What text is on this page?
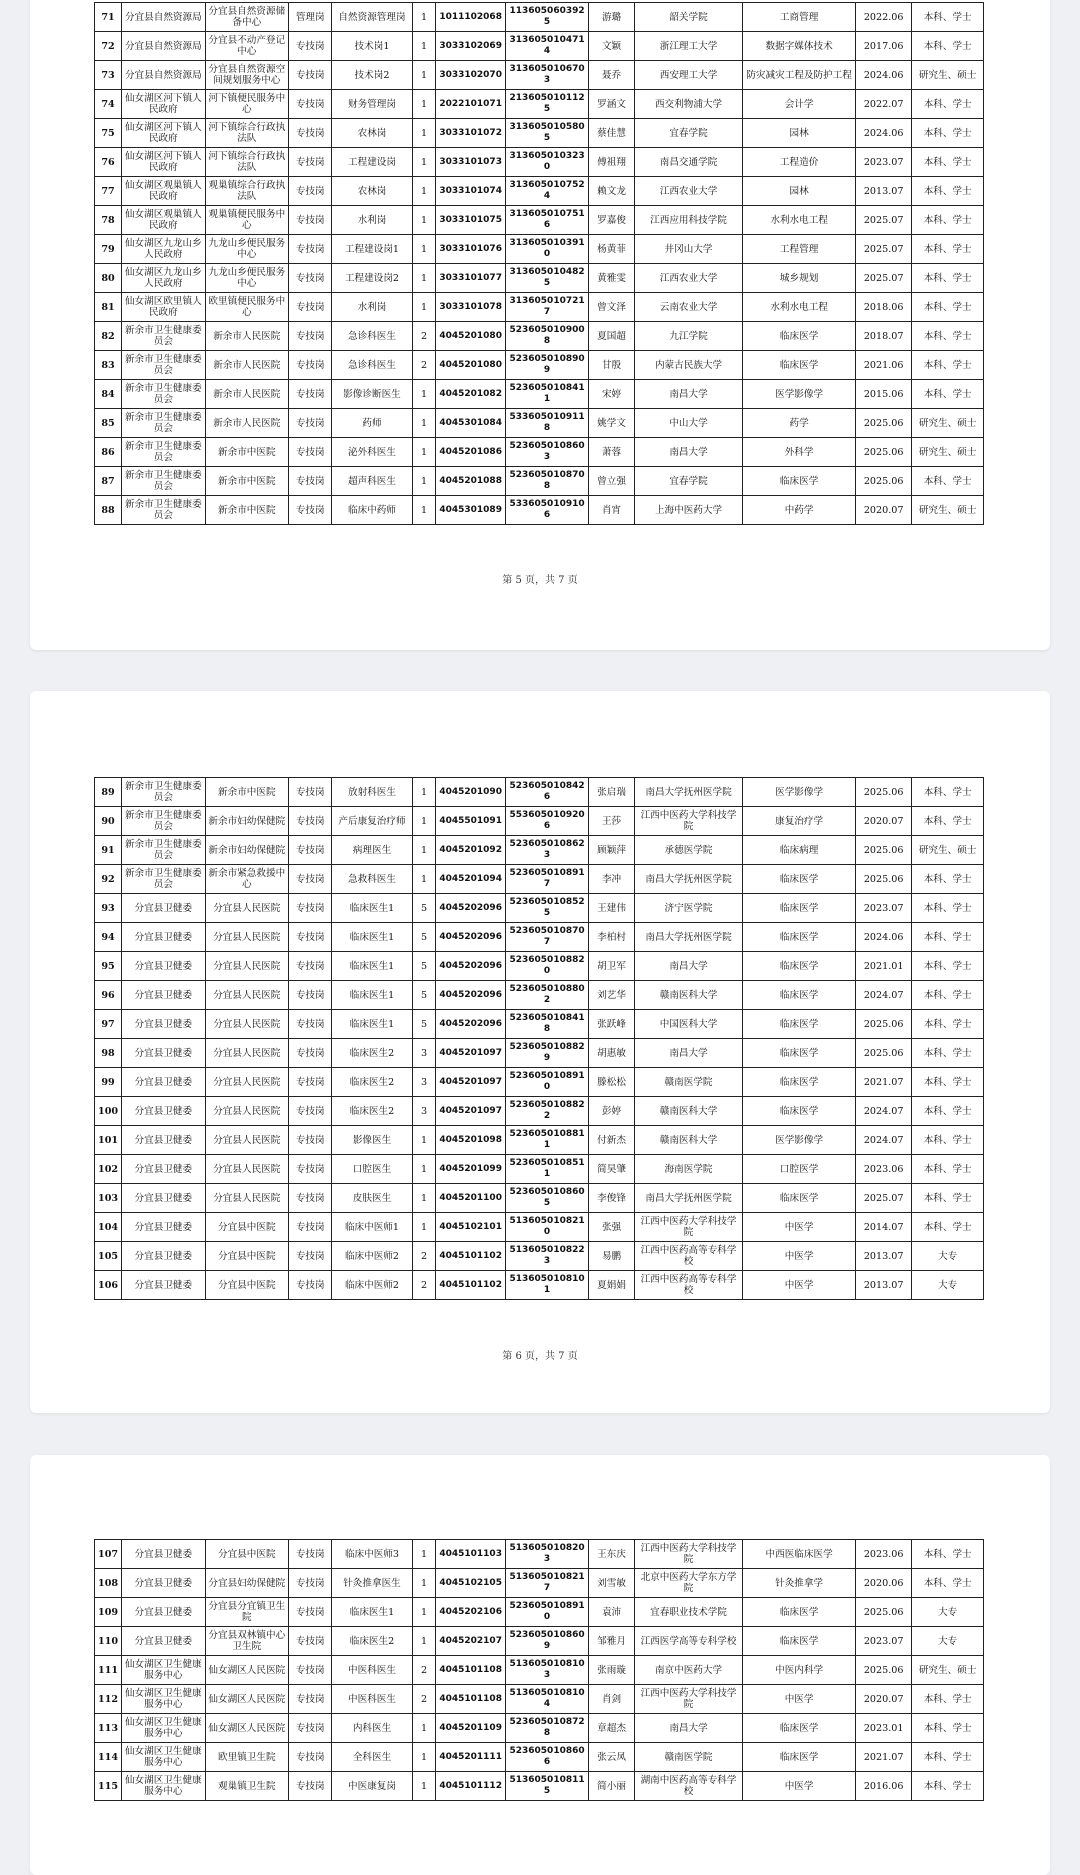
71	分宜县自然资源局	分宜县自然资源储备中心	管理岗	自然资源管理岗	1	1011102068	1136050603925	游璐	韶关学院	工商管理	2022.06	本科、学士
72	分宜县自然资源局	分宜县不动产登记中心	专技岗	技术岗1	1	3033102069	3136050104714	文颖	浙江理工大学	数据字媒体技术	2017.06	本科、学士
73	分宜县自然资源局	分宜县自然资源空间规划服务中心	专技岗	技术岗2	1	3033102070	3136050106703	聂乔	西安理工大学	防灾减灾工程及防护工程	2024.06	研究生、硕士
74	仙女湖区河下镇人民政府	河下镇便民服务中心	专技岗	财务管理岗	1	2022101071	2136050101125	罗涵文	西交利物浦大学	会计学	2022.07	本科、学士
75	仙女湖区河下镇人民政府	河下镇综合行政执法队	专技岗	农林岗	1	3033101072	3136050105805	蔡佳慧	宜春学院	园林	2024.06	本科、学士
76	仙女湖区河下镇人民政府	河下镇综合行政执法队	专技岗	工程建设岗	1	3033101073	3136050103230	傅祖翔	南昌交通学院	工程造价	2023.07	本科、学士
77	仙女湖区观巢镇人民政府	观巢镇综合行政执法队	专技岗	农林岗	1	3033101074	3136050107524	赖文龙	江西农业大学	园林	2013.07	本科、学士
78	仙女湖区观巢镇人民政府	观巢镇便民服务中心	专技岗	水利岗	1	3033101075	3136050107516	罗嘉俊	江西应用科技学院	水利水电工程	2025.07	本科、学士
79	仙女湖区九龙山乡人民政府	九龙山乡便民服务中心	专技岗	工程建设岗1	1	3033101076	3136050103910	杨黄菲	井冈山大学	工程管理	2025.07	本科、学士
80	仙女湖区九龙山乡人民政府	九龙山乡便民服务中心	专技岗	工程建设岗2	1	3033101077	3136050104825	黄雅雯	江西农业大学	城乡规划	2025.07	本科、学士
81	仙女湖区欧里镇人民政府	欧里镇便民服务中心	专技岗	水利岗	1	3033101078	3136050107217	曾文泽	云南农业大学	水利水电工程	2018.06	本科、学士
82	新余市卫生健康委员会	新余市人民医院	专技岗	急诊科医生	2	4045201080	5236050109008	夏国超	九江学院	临床医学	2018.07	本科、学士
83	新余市卫生健康委员会	新余市人民医院	专技岗	急诊科医生	2	4045201080	5236050108909	甘殷	内蒙古民族大学	临床医学	2021.06	本科、学士
84	新余市卫生健康委员会	新余市人民医院	专技岗	影像诊断医生	1	4045201082	5236050108411	宋婷	南昌大学	医学影像学	2015.06	本科、学士
85	新余市卫生健康委员会	新余市人民医院	专技岗	药师	1	4045301084	5336050109118	姚学文	中山大学	药学	2025.06	研究生、硕士
86	新余市卫生健康委员会	新余市中医院	专技岗	泌外科医生	1	4045201086	5236050108603	萧蓉	南昌大学	外科学	2025.06	研究生、硕士
87	新余市卫生健康委员会	新余市中医院	专技岗	超声科医生	1	4045201088	5236050108708	曾立强	宜春学院	临床医学	2025.06	本科、学士
88	新余市卫生健康委员会	新余市中医院	专技岗	临床中药师	1	4045301089	5336050109106	肖宵	上海中医药大学	中药学	2020.07	研究生、硕士
第 5 页，共 7 页
89	新余市卫生健康委员会	新余市中医院	专技岗	放射科医生	1	4045201090	5236050108426	张启瑞	南昌大学抚州医学院	医学影像学	2025.06	本科、学士
90	新余市卫生健康委员会	新余市妇幼保健院	专技岗	产后康复治疗师	1	4045501091	5536050109206	王莎	江西中医药大学科技学院	康复治疗学	2020.07	本科、学士
91	新余市卫生健康委员会	新余市妇幼保健院	专技岗	病理医生	1	4045201092	5236050108623	顾颖萍	承德医学院	临床病理	2025.06	研究生、硕士
92	新余市卫生健康委员会	新余市紧急救援中心	专技岗	急救科医生	1	4045201094	5236050108917	李冲	南昌大学抚州医学院	临床医学	2025.06	本科、学士
93	分宜县卫健委	分宜县人民医院	专技岗	临床医生1	5	4045202096	5236050108525	王建伟	济宁医学院	临床医学	2023.07	本科、学士
94	分宜县卫健委	分宜县人民医院	专技岗	临床医生1	5	4045202096	5236050108707	李柏村	南昌大学抚州医学院	临床医学	2024.06	本科、学士
95	分宜县卫健委	分宜县人民医院	专技岗	临床医生1	5	4045202096	5236050108820	胡卫军	南昌大学	临床医学	2021.01	本科、学士
96	分宜县卫健委	分宜县人民医院	专技岗	临床医生1	5	4045202096	5236050108802	刘艺华	赣南医科大学	临床医学	2024.07	本科、学士
97	分宜县卫健委	分宜县人民医院	专技岗	临床医生1	5	4045202096	5236050108418	张跃峰	中国医科大学	临床医学	2025.06	本科、学士
98	分宜县卫健委	分宜县人民医院	专技岗	临床医生2	3	4045201097	5236050108829	胡惠敏	南昌大学	临床医学	2025.06	本科、学士
99	分宜县卫健委	分宜县人民医院	专技岗	临床医生2	3	4045201097	5236050108910	滕松松	赣南医学院	临床医学	2021.07	本科、学士
100	分宜县卫健委	分宜县人民医院	专技岗	临床医生2	3	4045201097	5236050108822	彭婷	赣南医科大学	临床医学	2024.07	本科、学士
101	分宜县卫健委	分宜县人民医院	专技岗	影像医生	1	4045201098	5236050108811	付新杰	赣南医科大学	医学影像学	2024.07	本科、学士
102	分宜县卫健委	分宜县人民医院	专技岗	口腔医生	1	4045201099	5236050108511	简昊肇	海南医学院	口腔医学	2023.06	本科、学士
103	分宜县卫健委	分宜县人民医院	专技岗	皮肤医生	1	4045201100	5236050108605	李俊锋	南昌大学抚州医学院	临床医学	2025.07	本科、学士
104	分宜县卫健委	分宜县中医院	专技岗	临床中医师1	1	4045102101	5136050108210	张强	江西中医药大学科技学院	中医学	2014.07	本科、学士
105	分宜县卫健委	分宜县中医院	专技岗	临床中医师2	2	4045101102	5136050108223	易鹏	江西中医药高等专科学校	中医学	2013.07	大专
106	分宜县卫健委	分宜县中医院	专技岗	临床中医师2	2	4045101102	5136050108101	夏娟娟	江西中医药高等专科学校	中医学	2013.07	大专
第 6 页，共 7 页
107	分宜县卫健委	分宜县中医院	专技岗	临床中医师3	1	4045101103	5136050108203	王东庆	江西中医药大学科技学院	中西医临床医学	2023.06	本科、学士
108	分宜县卫健委	分宜县妇幼保健院	专技岗	针灸推拿医生	1	4045102105	5136050108217	刘雪敏	北京中医药大学东方学院	针灸推拿学	2020.06	本科、学士
109	分宜县卫健委	分宜县分宜镇卫生院	专技岗	临床医生1	1	4045202106	5236050108910	袁沛	宜春职业技术学院	临床医学	2025.06	大专
110	分宜县卫健委	分宜县双林镇中心卫生院	专技岗	临床医生2	1	4045202107	5236050108609	邹雅月	江西医学高等专科学校	临床医学	2023.07	大专
111	仙女湖区卫生健康服务中心	仙女湖区人民医院	专技岗	中医科医生	2	4045101108	5136050108103	张雨璇	南京中医药大学	中医内科学	2025.06	研究生、硕士
112	仙女湖区卫生健康服务中心	仙女湖区人民医院	专技岗	中医科医生	2	4045101108	5136050108104	肖剑	江西中医药大学科技学院	中医学	2020.07	本科、学士
113	仙女湖区卫生健康服务中心	仙女湖区人民医院	专技岗	内科医生	1	4045201109	5236050108728	章超杰	南昌大学	临床医学	2023.01	本科、学士
114	仙女湖区卫生健康服务中心	欧里镇卫生院	专技岗	全科医生	1	4045201111	5236050108606	张云凤	赣南医学院	临床医学	2021.07	本科、学士
115	仙女湖区卫生健康服务中心	观巢镇卫生院	专技岗	中医康复岗	1	4045101112	5136050108115	简小丽	湖南中医药高等专科学校	中医学	2016.06	本科、学士
